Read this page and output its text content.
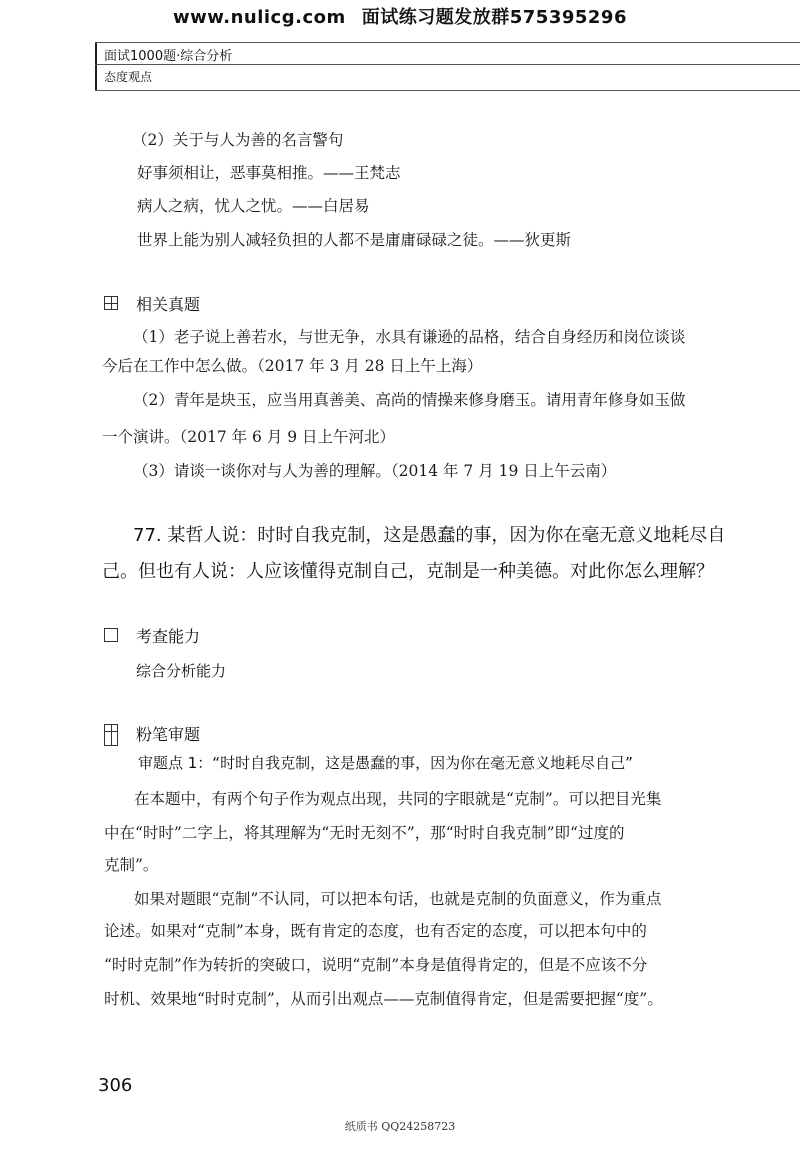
www.nulicg.com 面试练习题发放群575395296
面试1000题·综合分析
态度观点
（2）关于与人为善的名言警句
好事须相让，恶事莫相推。——王梵志
病人之病，忧人之忧。——白居易
世界上能为别人减轻负担的人都不是庸庸碌碌之徒。——狄更斯
相关真题
（1）老子说上善若水，与世无争，水具有谦逊的品格，结合自身经历和岗位谈谈
今后在工作中怎么做。（2017 年 3 月 28 日上午上海）
（2）青年是块玉，应当用真善美、高尚的情操来修身磨玉。请用青年修身如玉做
一个演讲。（2017 年 6 月 9 日上午河北）
（3）请谈一谈你对与人为善的理解。（2014 年 7 月 19 日上午云南）
77. 某哲人说：时时自我克制，这是愚蠢的事，因为你在毫无意义地耗尽自
己。但也有人说：人应该懂得克制自己，克制是一种美德。对此你怎么理解？
考查能力
综合分析能力
粉笔审题
审题点 1：“时时自我克制，这是愚蠢的事，因为你在毫无意义地耗尽自己”
在本题中，有两个句子作为观点出现，共同的字眼就是“克制”。可以把目光集
中在“时时”二字上，将其理解为“无时无刻不”，那“时时自我克制”即“过度的
克制”。
如果对题眼“克制”不认同，可以把本句话，也就是克制的负面意义，作为重点
论述。如果对“克制”本身，既有肯定的态度，也有否定的态度，可以把本句中的
“时时克制”作为转折的突破口，说明“克制”本身是值得肯定的，但是不应该不分
时机、效果地“时时克制”，从而引出观点——克制值得肯定，但是需要把握“度”。
306
纸质书 QQ24258723
